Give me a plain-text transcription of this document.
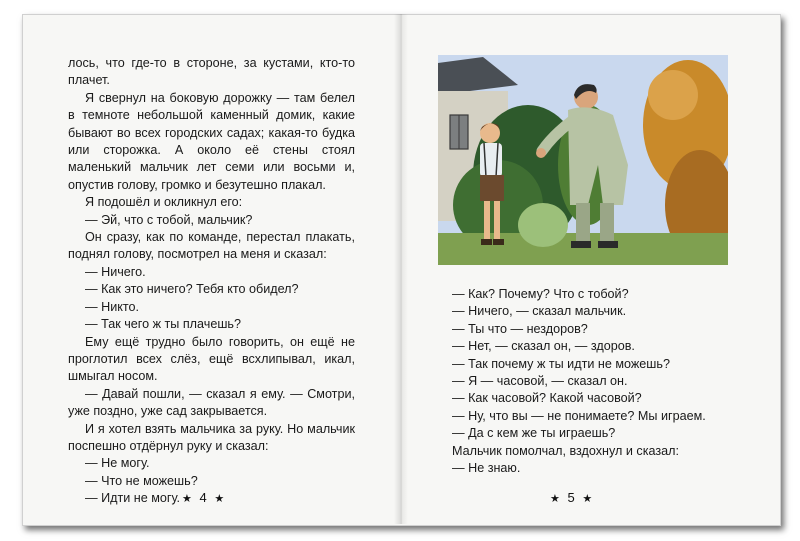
лось, что где-то в стороне, за кустами, кто-то плачет.

Я свернул на боковую дорожку — там белел в темноте небольшой каменный домик, какие бывают во всех городских садах; какая-то будка или сторожка. А около её стены стоял маленький мальчик лет семи или восьми и, опустив голову, громко и безутешно плакал.

Я подошёл и окликнул его:

— Эй, что с тобой, мальчик?

Он сразу, как по команде, перестал плакать, поднял голову, посмотрел на меня и сказал:

— Ничего.

— Как это ничего? Тебя кто обидел?

— Никто.

— Так чего ж ты плачешь?

Ему ещё трудно было говорить, он ещё не проглотил всех слёз, ещё всхлипывал, икал, шмыгал носом.

— Давай пошли, — сказал я ему. — Смотри, уже поздно, уже сад закрывается.

И я хотел взять мальчика за руку. Но мальчик поспешно отдёрнул руку и сказал:

— Не могу.

— Что не можешь?

— Идти не могу. ★ 4 ★

— Как? Почему? Что с тобой?

— Ничего, — сказал мальчик.

— Ты что — нездоров?

— Нет, — сказал он, — здоров.

— Так почему ж ты идти не можешь?

— Я — часовой, — сказал он.

— Как часовой? Какой часовой?

— Ну, что вы — не понимаете? Мы играем.

— Да с кем же ты играешь?

Мальчик помолчал, вздохнул и сказал:

— Не знаю.

★ 5 ★
